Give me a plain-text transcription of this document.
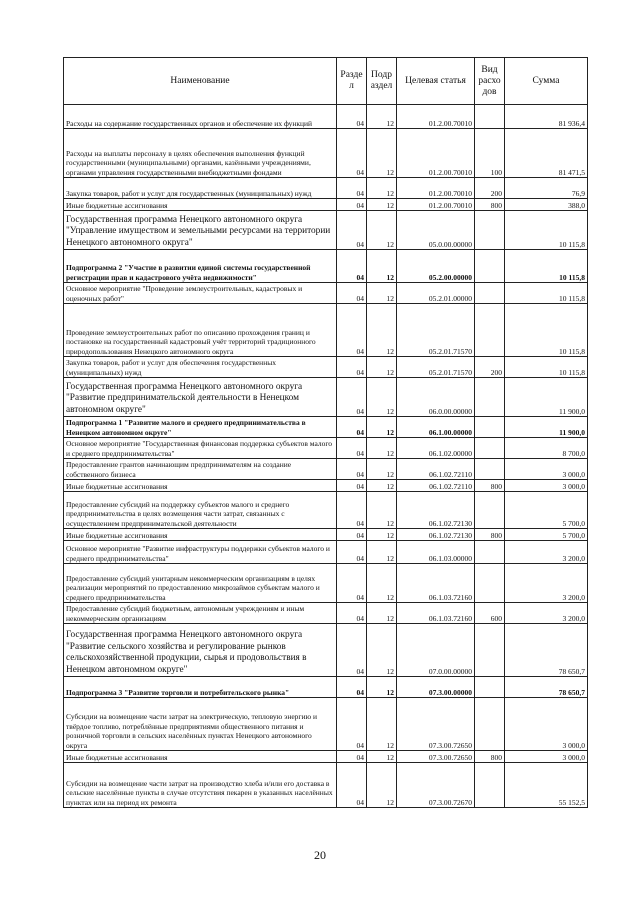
Наименование	Разде л	Подр аздел	Целевая статья	Вид расхо дов	Сумма
Расходы на содержание государственных органов и обеспечение их функций	04	12	01.2.00.70010		81 936,4
Расходы на выплаты персоналу в целях обеспечения выполнения функций государственными (муниципальными) органами, казёнными учреждениями, органами управления государственными внебюджетными фондами	04	12	01.2.00.70010	100	81 471,5
Закупка товаров, работ и услуг для государственных (муниципальных) нужд	04	12	01.2.00.70010	200	76,9
Иные бюджетные ассигнования	04	12	01.2.00.70010	800	388,0
Государственная программа Ненецкого автономного округа "Управление имуществом и земельными ресурсами на территории Ненецкого автономного округа"	04	12	05.0.00.00000		10 115,8
Подпрограмма 2 "Участие в развитии единой системы государственной регистрации прав и кадастрового учёта недвижимости"	04	12	05.2.00.00000		10 115,8
Основное мероприятие "Проведение землеустроительных, кадастровых и оценочных работ"	04	12	05.2.01.00000		10 115,8
Проведение землеустроительных работ по описанию прохождения границ и постановке на государственный кадастровый учёт территорий традиционного природопользования Ненецкого автономного округа	04	12	05.2.01.71570		10 115,8
Закупка товаров, работ и услуг для обеспечения государственных (муниципальных) нужд	04	12	05.2.01.71570	200	10 115,8
Государственная программа Ненецкого автономного округа "Развитие предпринимательской деятельности в Ненецком автономном округе"	04	12	06.0.00.00000		11 900,0
Подпрограмма 1 "Развитие малого и среднего предпринимательства в Ненецком автономном округе"	04	12	06.1.00.00000		11 900,0
Основное мероприятие "Государственная финансовая поддержка субъектов малого и среднего предпринимательства"	04	12	06.1.02.00000		8 700,0
Предоставление грантов начинающим предпринимателям на создание собственного бизнеса	04	12	06.1.02.72110		3 000,0
Иные бюджетные ассигнования	04	12	06.1.02.72110	800	3 000,0
Предоставление субсидий на поддержку субъектов малого и среднего предпринимательства в целях возмещения части затрат, связанных с осуществлением предпринимательской деятельности	04	12	06.1.02.72130		5 700,0
Иные бюджетные ассигнования	04	12	06.1.02.72130	800	5 700,0
Основное мероприятие "Развитие инфраструктуры поддержки субъектов малого и среднего предпринимательства"	04	12	06.1.03.00000		3 200,0
Предоставление субсидий унитарным некоммерческим организациям в целях реализации мероприятий по предоставлению микрозаймов субъектам малого и среднего предпринимательства	04	12	06.1.03.72160		3 200,0
Предоставление субсидий бюджетным, автономным учреждениям и иным некоммерческим организациям	04	12	06.1.03.72160	600	3 200,0
Государственная программа Ненецкого автономного округа "Развитие сельского хозяйства и регулирование рынков сельскохозяйственной продукции, сырья и продовольствия в Ненецком автономном округе"	04	12	07.0.00.00000		78 650,7
Подпрограмма 3 "Развитие торговли и потребительского рынка"	04	12	07.3.00.00000		78 650,7
Субсидии на возмещение части затрат на электрическую, тепловую энергию и твёрдое топливо, потреблённые предприятиями общественного питания и розничной торговли в сельских населённых пунктах Ненецкого автономного округа	04	12	07.3.00.72650		3 000,0
Иные бюджетные ассигнования	04	12	07.3.00.72650	800	3 000,0
Субсидии на возмещение части затрат на производство хлеба и/или его доставка в сельские населённые пункты в случае отсутствия пекарен в указанных населённых пунктах или на период их ремонта	04	12	07.3.00.72670		55 152,5
20
